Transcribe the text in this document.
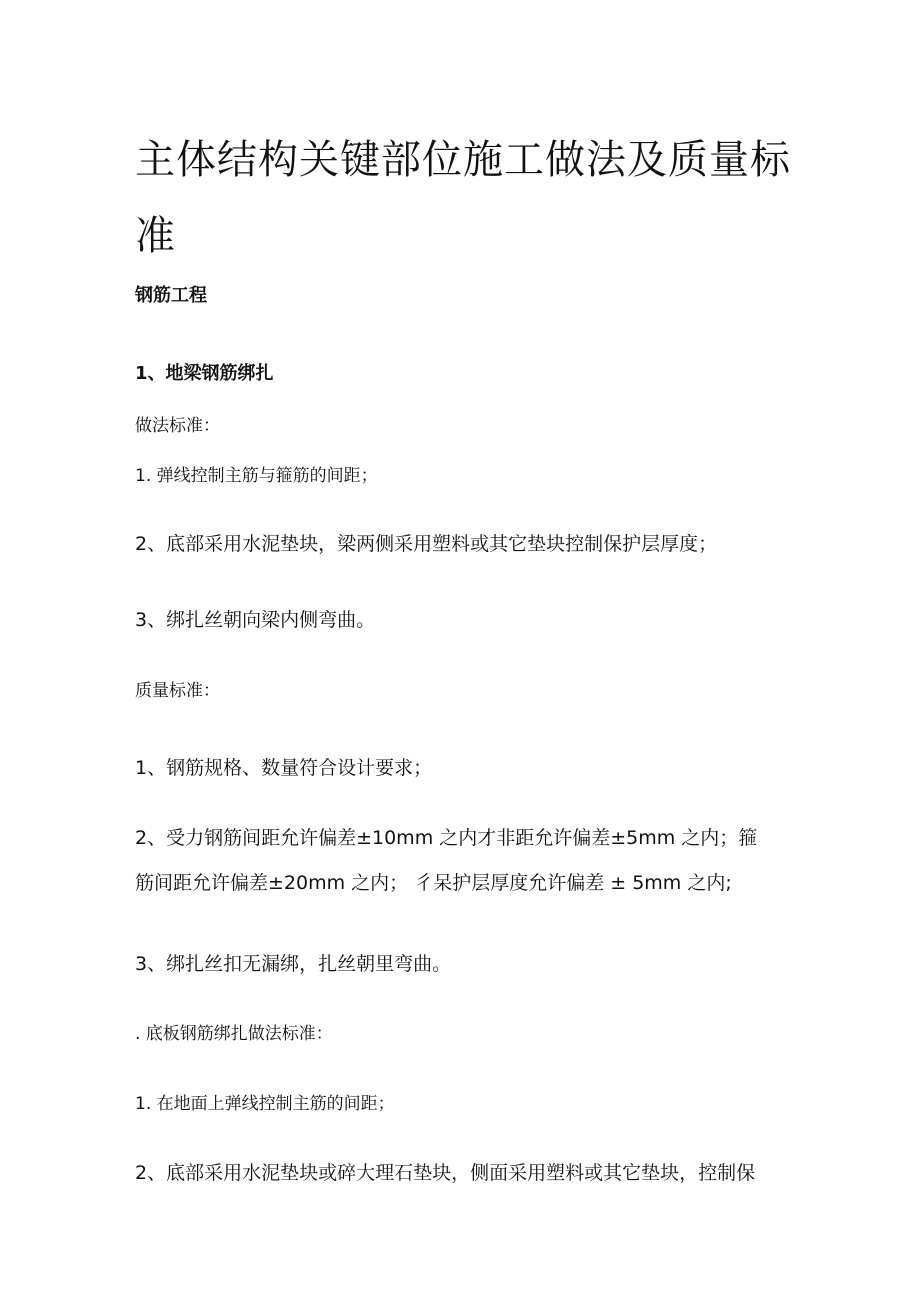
主体结构关键部位施工做法及质量标准

钢筋工程

1、地梁钢筋绑扎

做法标准：

1. 弹线控制主筋与箍筋的间距；

2、底部采用水泥垫块，梁两侧采用塑料或其它垫块控制保护层厚度；

3、绑扎丝朝向梁内侧弯曲。

质量标准：

1、钢筋规格、数量符合设计要求；

2、受力钢筋间距允许偏差±10mm 之内才非距允许偏差±5mm 之内；箍

筋间距允许偏差±20mm 之内； 彳呆护层厚度允许偏差 ± 5mm 之内;

3、绑扎丝扣无漏绑，扎丝朝里弯曲。

. 底板钢筋绑扎做法标准：

1. 在地面上弹线控制主筋的间距；

2、底部采用水泥垫块或碎大理石垫块，侧面采用塑料或其它垫块，控制保
